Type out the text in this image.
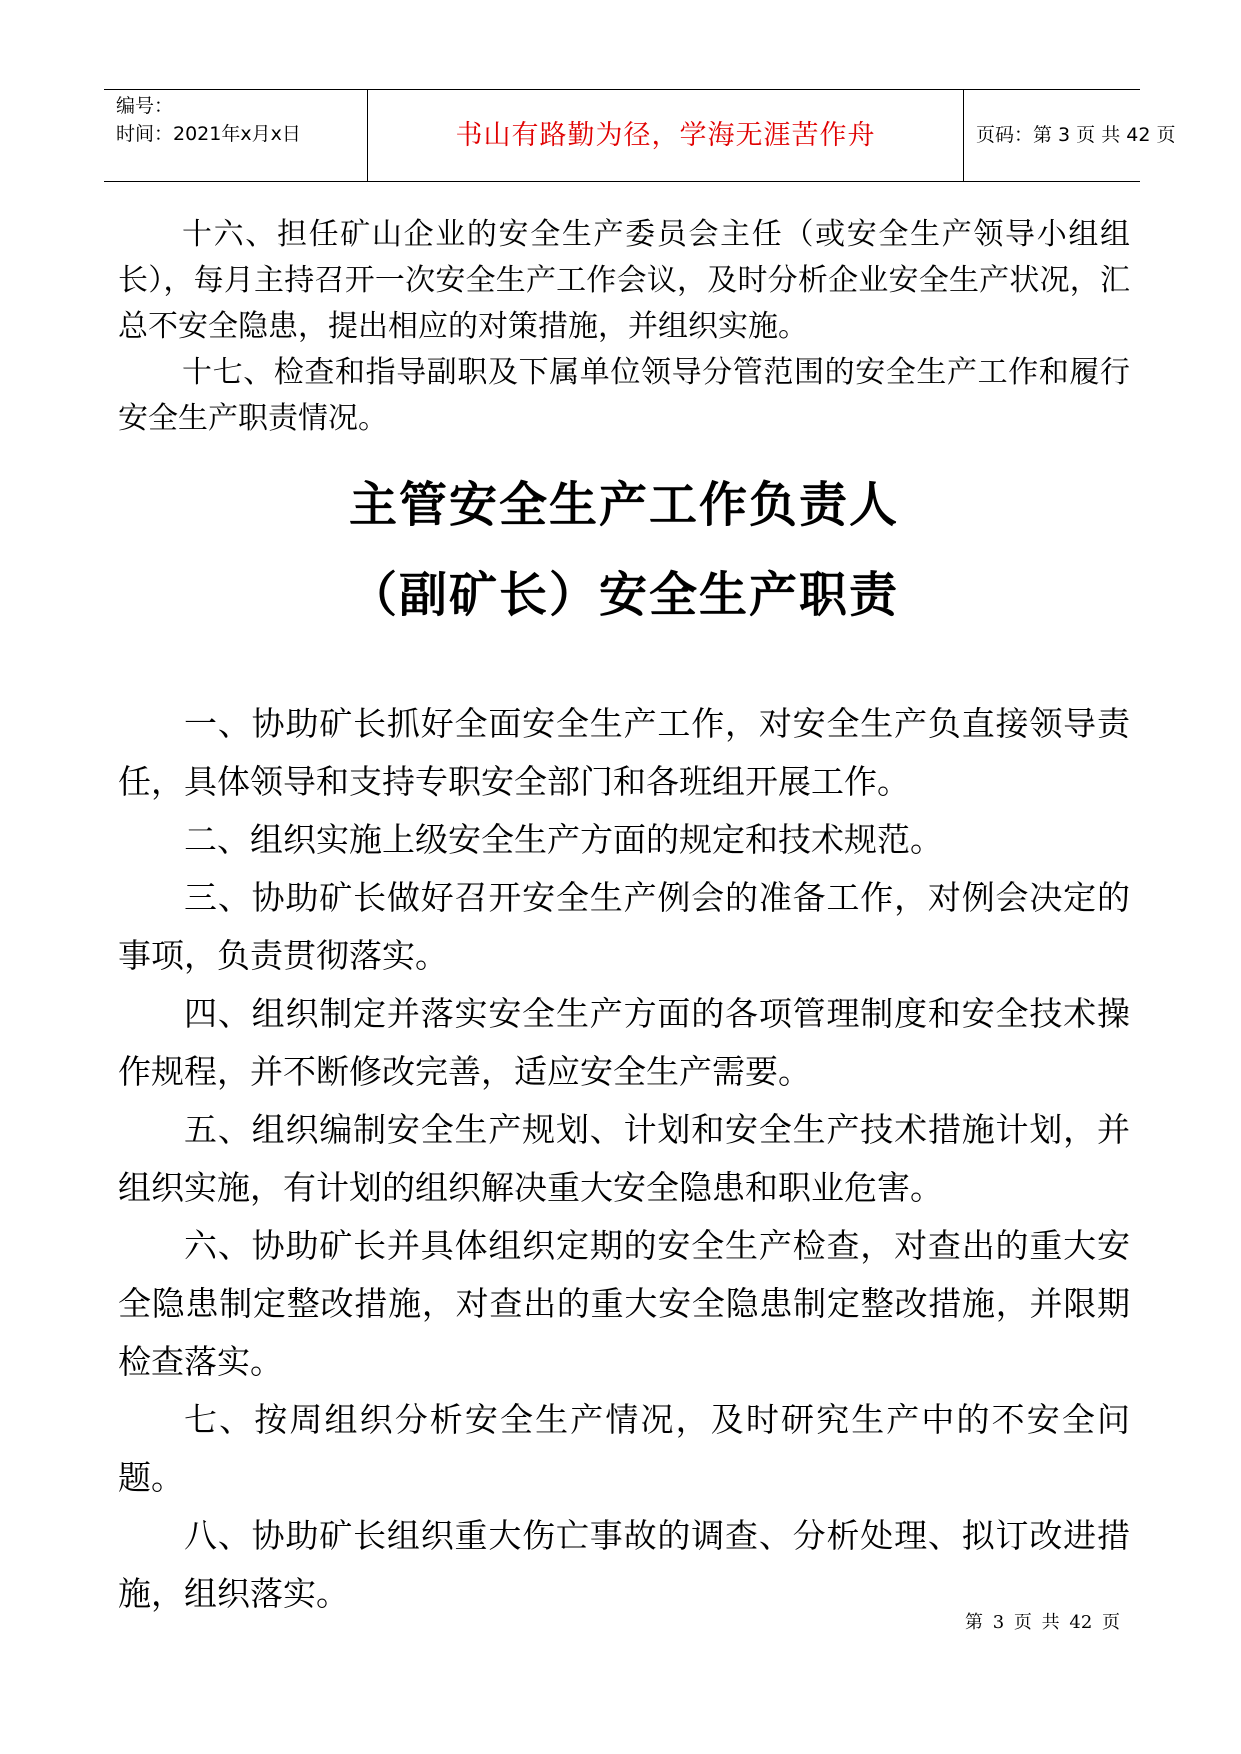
编号：
时间：2021年x月x日	书山有路勤为径，学海无涯苦作舟	页码：第 3 页 共 42 页

十六、担任矿山企业的安全生产委员会主任（或安全生产领导小组组长），每月主持召开一次安全生产工作会议，及时分析企业安全生产状况，汇总不安全隐患，提出相应的对策措施，并组织实施。

十七、检查和指导副职及下属单位领导分管范围的安全生产工作和履行安全生产职责情况。

主管安全生产工作负责人
（副矿长）安全生产职责

一、协助矿长抓好全面安全生产工作，对安全生产负直接领导责任，具体领导和支持专职安全部门和各班组开展工作。

二、组织实施上级安全生产方面的规定和技术规范。

三、协助矿长做好召开安全生产例会的准备工作，对例会决定的事项，负责贯彻落实。

四、组织制定并落实安全生产方面的各项管理制度和安全技术操作规程，并不断修改完善，适应安全生产需要。

五、组织编制安全生产规划、计划和安全生产技术措施计划，并组织实施，有计划的组织解决重大安全隐患和职业危害。

六、协助矿长并具体组织定期的安全生产检查，对查出的重大安全隐患制定整改措施，对查出的重大安全隐患制定整改措施，并限期检查落实。

七、按周组织分析安全生产情况，及时研究生产中的不安全问题。

八、协助矿长组织重大伤亡事故的调查、分析处理、拟订改进措施，组织落实。

第 3 页 共 42 页
